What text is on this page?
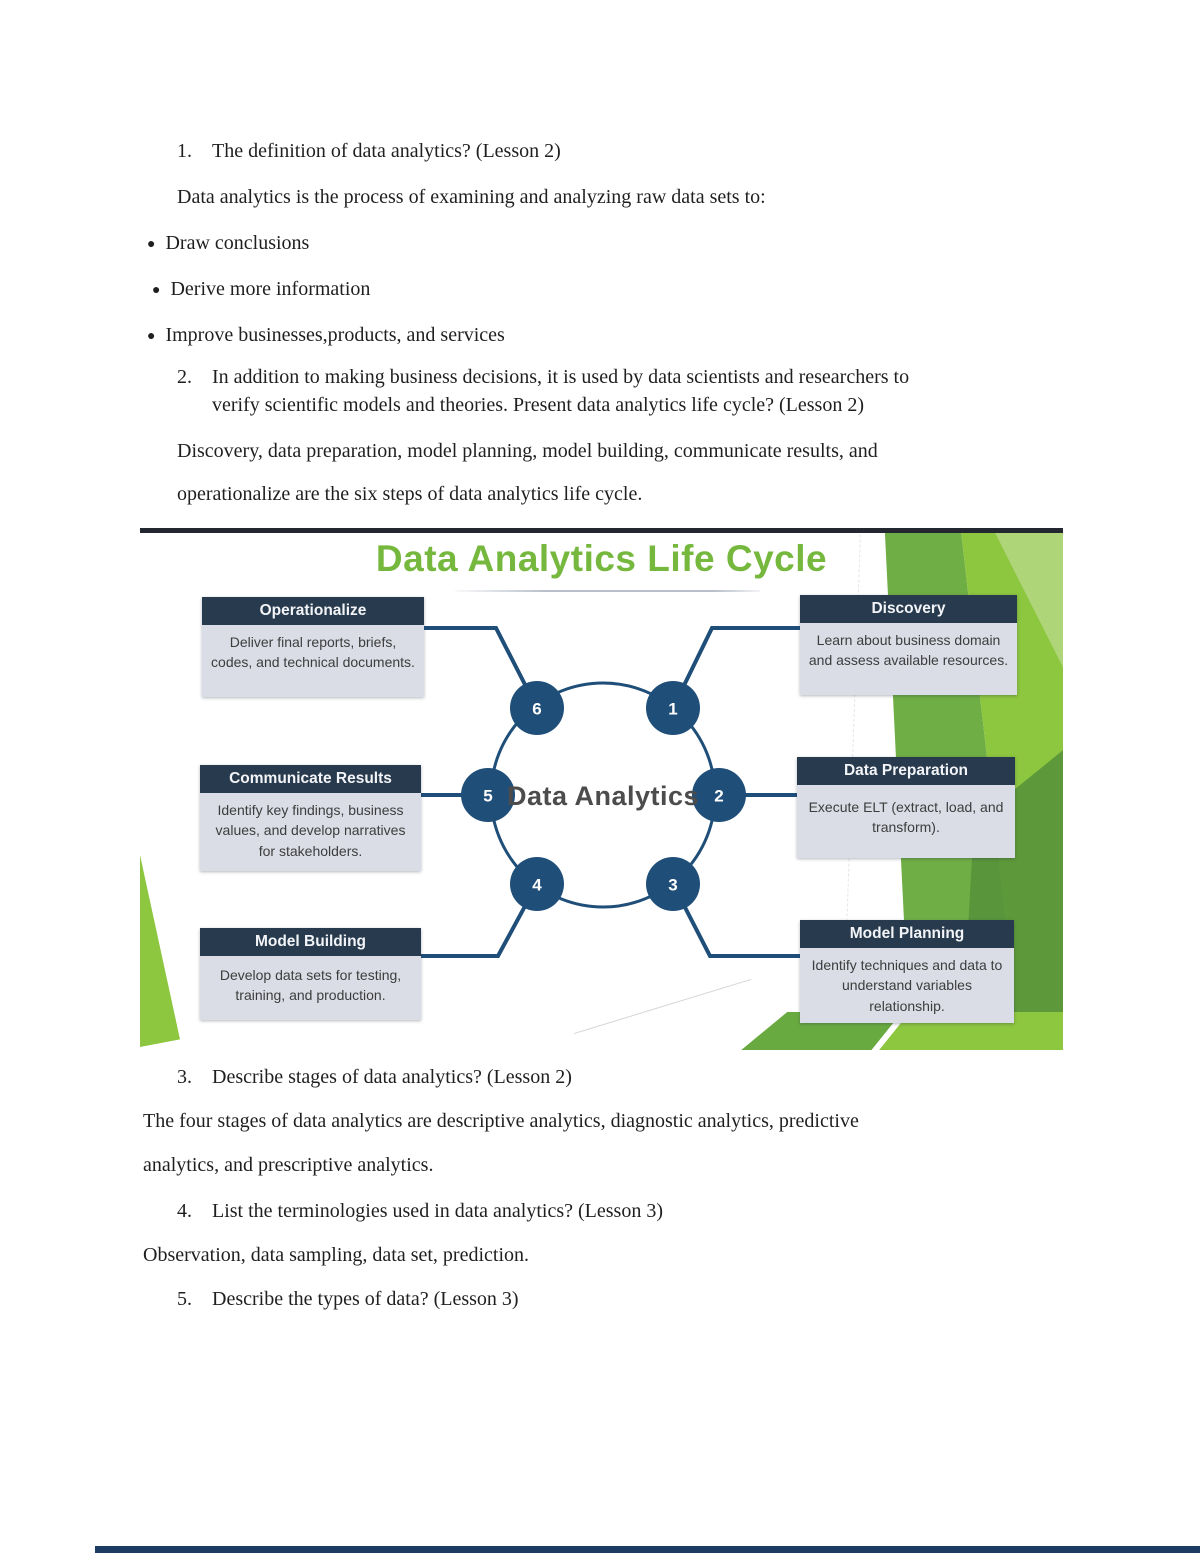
1. The definition of data analytics? (Lesson 2)
Data analytics is the process of examining and analyzing raw data sets to:
● Draw conclusions
● Derive more information
● Improve businesses,products, and services
2. In addition to making business decisions, it is used by data scientists and researchers to
verify scientific models and theories. Present data analytics life cycle? (Lesson 2)
Discovery, data preparation, model planning, model building, communicate results, and
operationalize are the six steps of data analytics life cycle.
Data Analytics Life Cycle
1
2
3
4
5
6
Data Analytics
Operationalize
Deliver final reports, briefs, codes, and technical documents.
Discovery
Learn about business domain and assess available resources.
Communicate Results
Identify key findings, business values, and develop narratives for stakeholders.
Data Preparation
Execute ELT (extract, load, and transform).
Model Building
Develop data sets for testing, training, and production.
Model Planning
Identify techniques and data to understand variables relationship.
3. Describe stages of data analytics? (Lesson 2)
The four stages of data analytics are descriptive analytics, diagnostic analytics, predictive
analytics, and prescriptive analytics.
4. List the terminologies used in data analytics? (Lesson 3)
Observation, data sampling, data set, prediction.
5. Describe the types of data? (Lesson 3)
